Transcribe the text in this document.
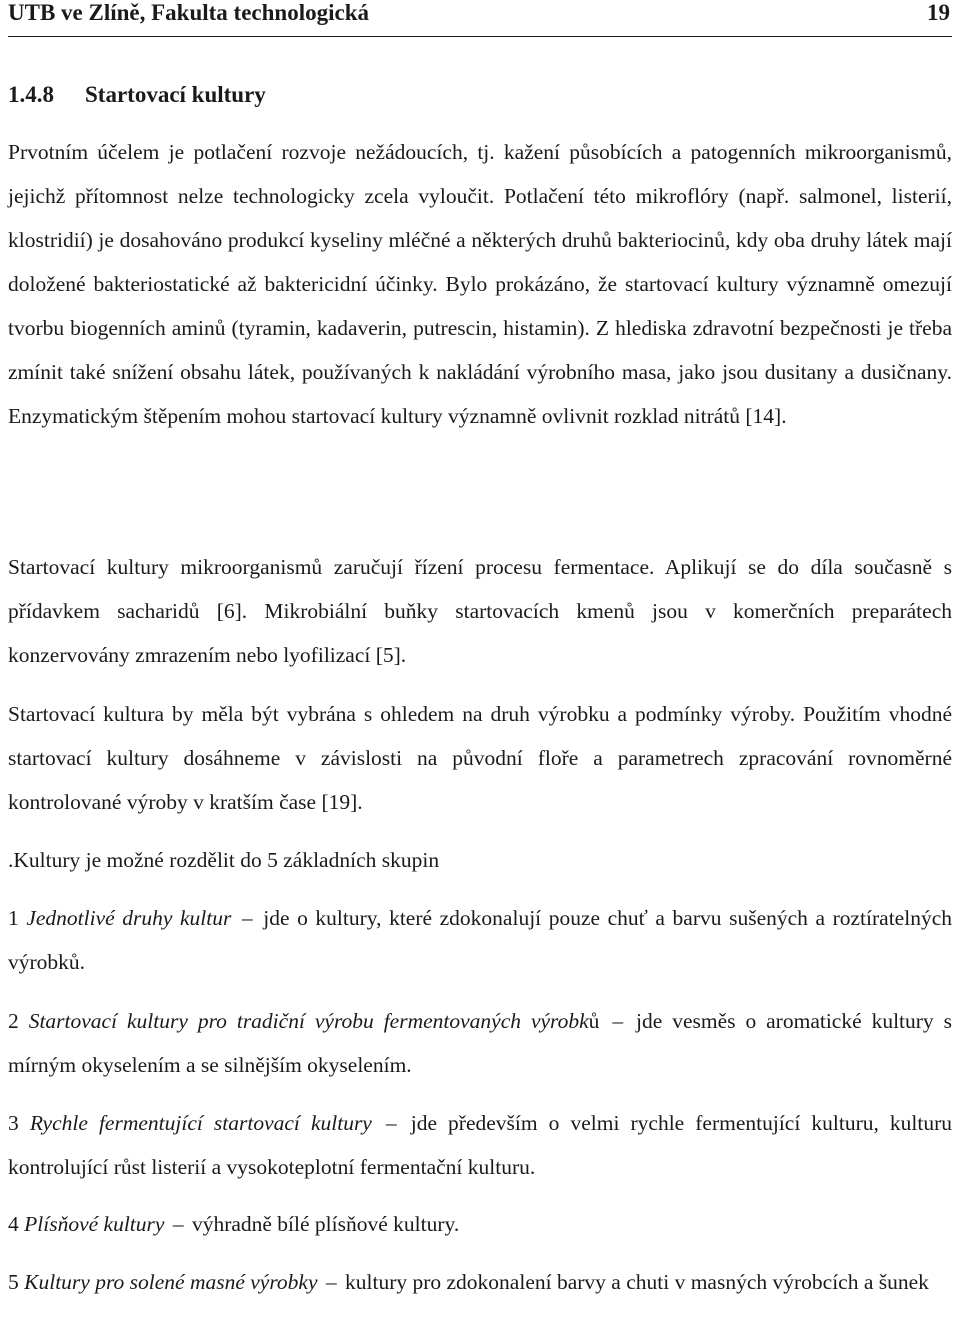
UTB ve Zlíně, Fakulta technologická	19
1.4.8 Startovací kultury

Prvotním účelem je potlačení rozvoje nežádoucích, tj. kažení působících a patogenních mikroorganismů, jejichž přítomnost nelze technologicky zcela vyloučit. Potlačení této mikroflóry (např. salmonel, listerií, klostridií) je dosahováno produkcí kyseliny mléčné a některých druhů bakteriocinů, kdy oba druhy látek mají doložené bakteriostatické až baktericidní účinky. Bylo prokázáno, že startovací kultury významně omezují tvorbu biogenních aminů (tyramin, kadaverin, putrescin, histamin). Z hlediska zdravotní bezpečnosti je třeba zmínit také snížení obsahu látek, používaných k nakládání výrobního masa, jako jsou dusitany a dusičnany. Enzymatickým štěpením mohou startovací kultury významně ovlivnit rozklad nitrátů [14].

Startovací kultury mikroorganismů zaručují řízení procesu fermentace. Aplikují se do díla současně s přídavkem sacharidů [6]. Mikrobiální buňky startovacích kmenů jsou v komerčních preparátech konzervovány zmrazením nebo lyofilizací [5].

Startovací kultura by měla být vybrána s ohledem na druh výrobku a podmínky výroby. Použitím vhodné startovací kultury dosáhneme v závislosti na původní floře a parametrech zpracování rovnoměrné kontrolované výroby v kratším čase [19].

.Kultury je možné rozdělit do 5 základních skupin

1 Jednotlivé druhy kultur – jde o kultury, které zdokonalují pouze chuť a barvu sušených a roztíratelných výrobků.

2 Startovací kultury pro tradiční výrobu fermentovaných výrobků – jde vesměs o aromatické kultury s mírným okyselením a se silnějším okyselením.

3 Rychle fermentující startovací kultury – jde především o velmi rychle fermentující kulturu, kulturu kontrolující růst listerií a vysokoteplotní fermentační kulturu.

4 Plísňové kultury – výhradně bílé plísňové kultury.

5 Kultury pro solené masné výrobky – kultury pro zdokonalení barvy a chuti v masných výrobcích a šunek
